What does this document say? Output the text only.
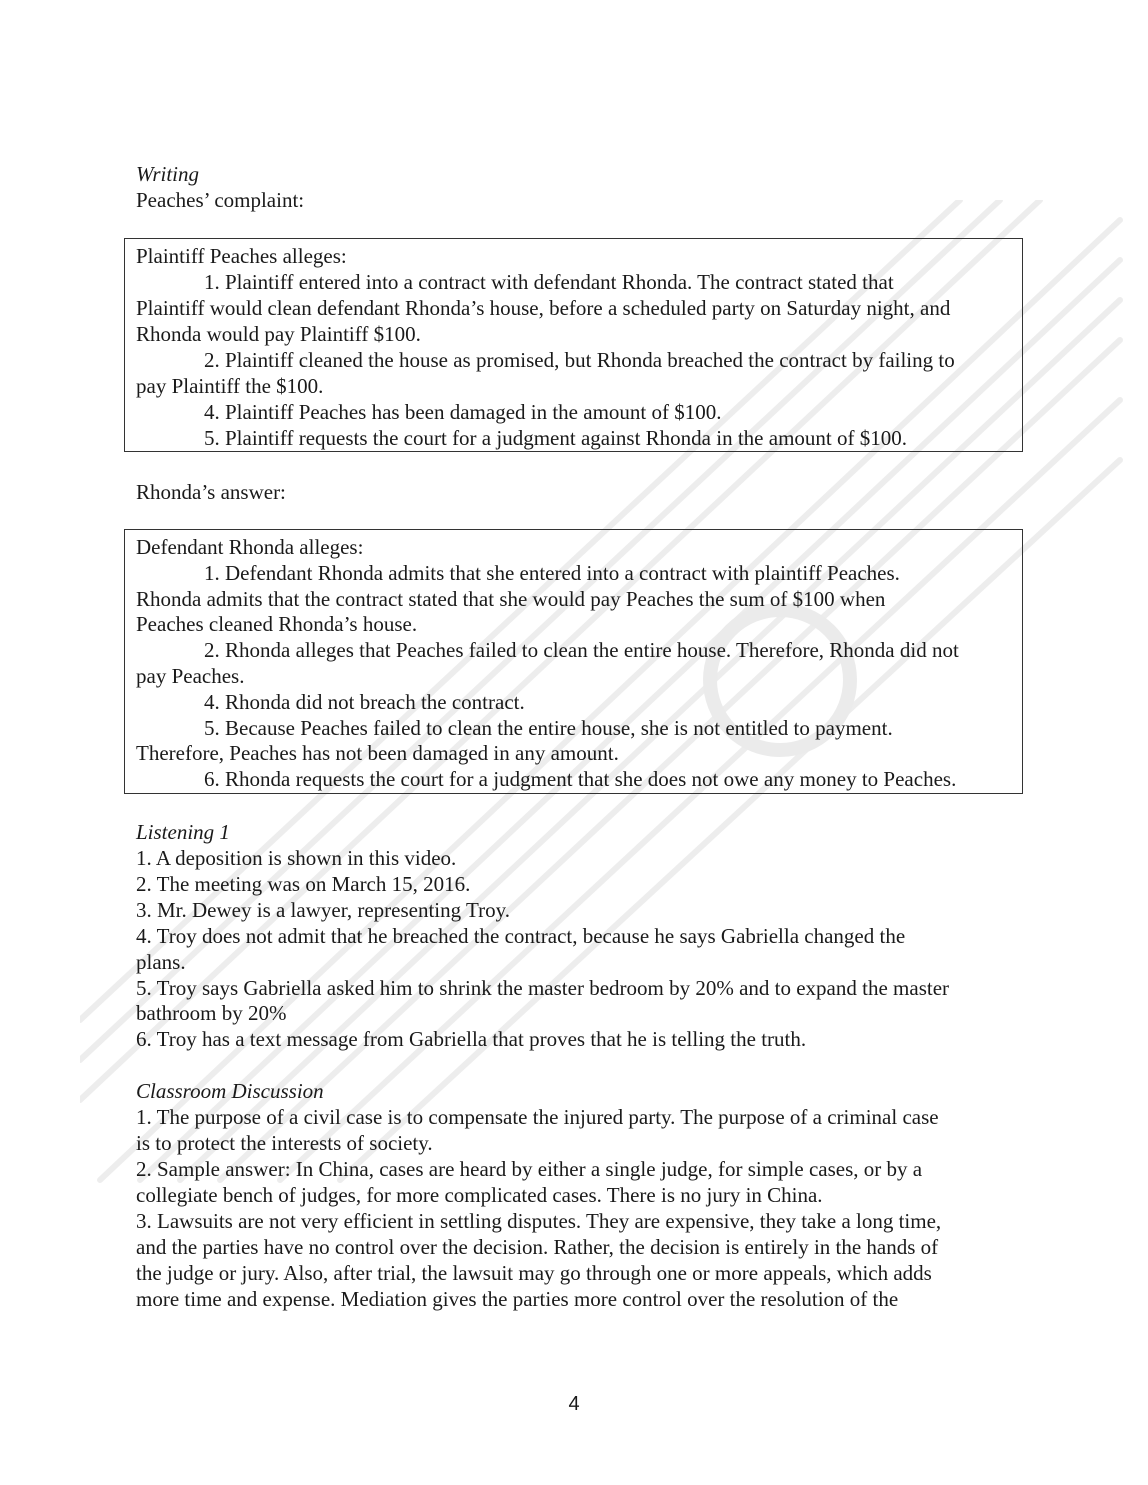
Writing
Peaches’ complaint:
Plaintiff Peaches alleges:
1. Plaintiff entered into a contract with defendant Rhonda. The contract stated that
Plaintiff would clean defendant Rhonda’s house, before a scheduled party on Saturday night, and
Rhonda would pay Plaintiff $100.
2. Plaintiff cleaned the house as promised, but Rhonda breached the contract by failing to
pay Plaintiff the $100.
4. Plaintiff Peaches has been damaged in the amount of $100.
5. Plaintiff requests the court for a judgment against Rhonda in the amount of $100.
Rhonda’s answer:
Defendant Rhonda alleges:
1. Defendant Rhonda admits that she entered into a contract with plaintiff Peaches.
Rhonda admits that the contract stated that she would pay Peaches the sum of $100 when
Peaches cleaned Rhonda’s house.
2. Rhonda alleges that Peaches failed to clean the entire house. Therefore, Rhonda did not
pay Peaches.
4. Rhonda did not breach the contract.
5. Because Peaches failed to clean the entire house, she is not entitled to payment.
Therefore, Peaches has not been damaged in any amount.
6. Rhonda requests the court for a judgment that she does not owe any money to Peaches.
Listening 1
1. A deposition is shown in this video.
2. The meeting was on March 15, 2016.
3. Mr. Dewey is a lawyer, representing Troy.
4. Troy does not admit that he breached the contract, because he says Gabriella changed the
plans.
5. Troy says Gabriella asked him to shrink the master bedroom by 20% and to expand the master
bathroom by 20%
6. Troy has a text message from Gabriella that proves that he is telling the truth.
Classroom Discussion
1. The purpose of a civil case is to compensate the injured party. The purpose of a criminal case
is to protect the interests of society.
2. Sample answer: In China, cases are heard by either a single judge, for simple cases, or by a
collegiate bench of judges, for more complicated cases. There is no jury in China.
3. Lawsuits are not very efficient in settling disputes. They are expensive, they take a long time,
and the parties have no control over the decision. Rather, the decision is entirely in the hands of
the judge or jury. Also, after trial, the lawsuit may go through one or more appeals, which adds
more time and expense. Mediation gives the parties more control over the resolution of the
4
